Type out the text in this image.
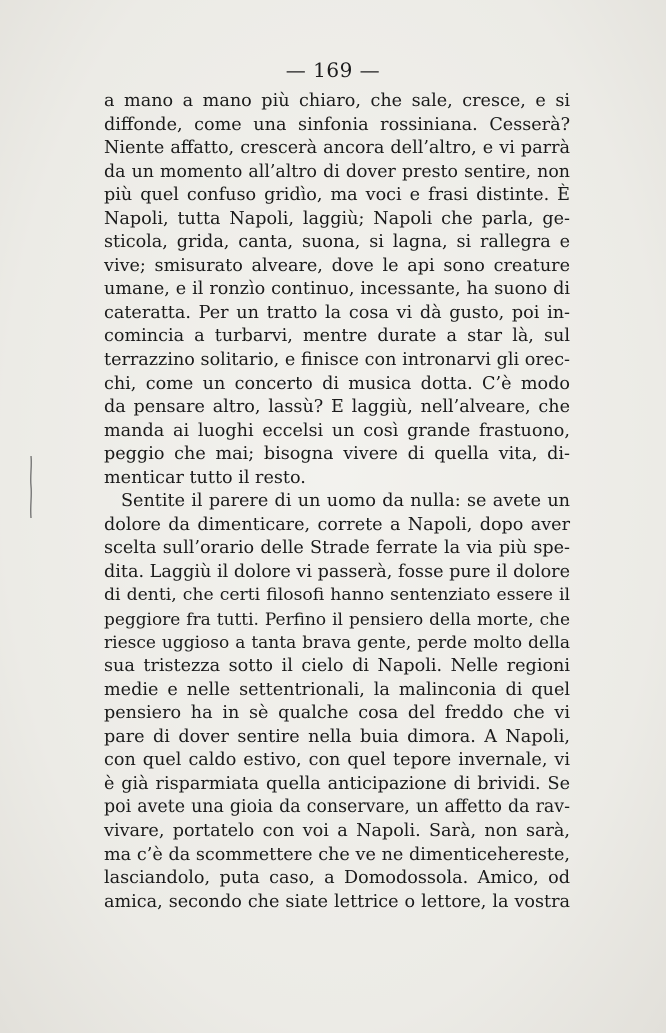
— 169 —
a mano a mano più chiaro, che sale, cresce, e si
diffonde, come una sinfonia rossiniana. Cesserà?
Niente affatto, crescerà ancora dell’altro, e vi parrà
da un momento all’altro di dover presto sentire, non
più quel confuso gridìo, ma voci e frasi distinte. È
Napoli, tutta Napoli, laggiù; Napoli che parla, ge-
sticola, grida, canta, suona, si lagna, si rallegra e
vive; smisurato alveare, dove le api sono creature
umane, e il ronzìo continuo, incessante, ha suono di
cateratta. Per un tratto la cosa vi dà gusto, poi in-
comincia a turbarvi, mentre durate a star là, sul
terrazzino solitario, e finisce con intronarvi gli orec-
chi, come un concerto di musica dotta. C’è modo
da pensare altro, lassù? E laggiù, nell’alveare, che
manda ai luoghi eccelsi un così grande frastuono,
peggio che mai; bisogna vivere di quella vita, di-
menticar tutto il resto.
Sentite il parere di un uomo da nulla: se avete un
dolore da dimenticare, correte a Napoli, dopo aver
scelta sull’orario delle Strade ferrate la via più spe-
dita. Laggiù il dolore vi passerà, fosse pure il dolore
di denti, che certi filosofi hanno sentenziato essere il
peggiore fra tutti. Perfino il pensiero della morte, che
riesce uggioso a tanta brava gente, perde molto della
sua tristezza sotto il cielo di Napoli. Nelle regioni
medie e nelle settentrionali, la malinconia di quel
pensiero ha in sè qualche cosa del freddo che vi
pare di dover sentire nella buia dimora. A Napoli,
con quel caldo estivo, con quel tepore invernale, vi
è già risparmiata quella anticipazione di brividi. Se
poi avete una gioia da conservare, un affetto da rav-
vivare, portatelo con voi a Napoli. Sarà, non sarà,
ma c’è da scommettere che ve ne dimenticehereste,
lasciandolo, puta caso, a Domodossola. Amico, od
amica, secondo che siate lettrice o lettore, la vostra
